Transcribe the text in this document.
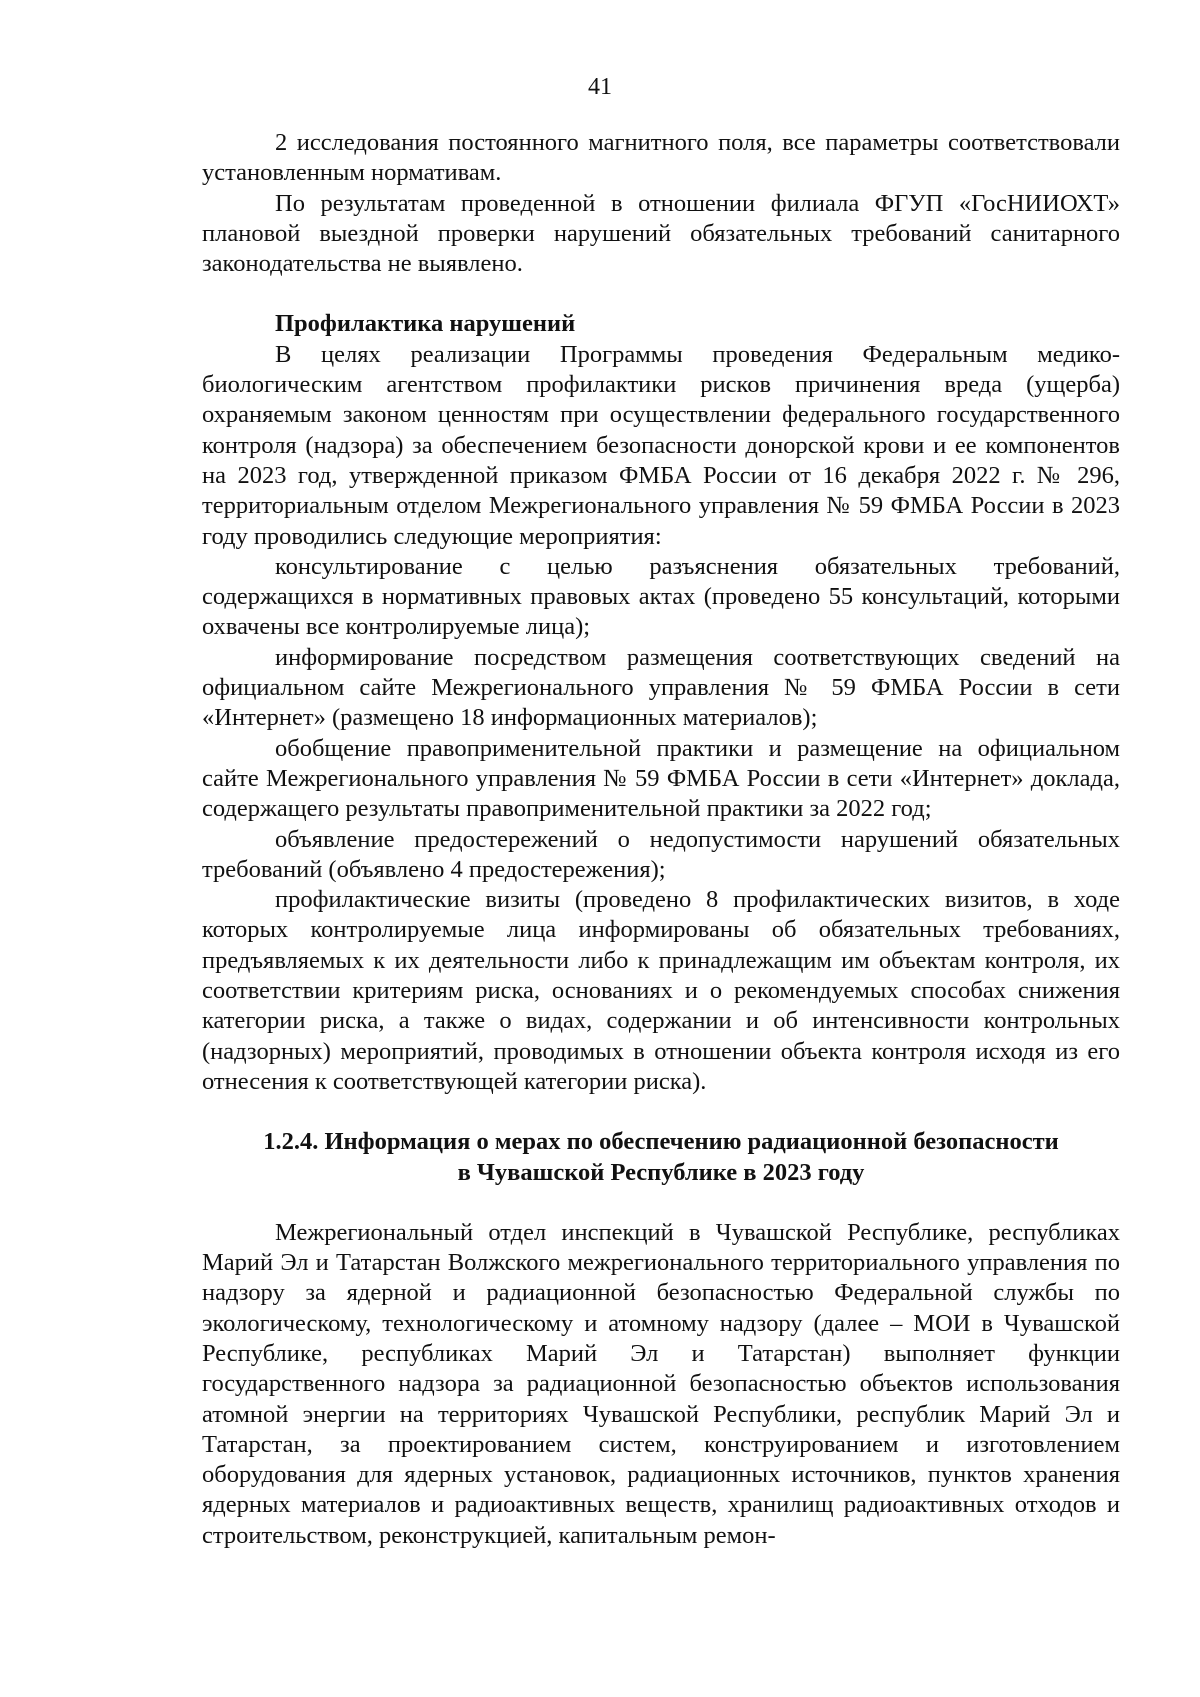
41

2 исследования постоянного магнитного поля, все параметры соответствовали установленным нормативам.

По результатам проведенной в отношении филиала ФГУП «ГосНИИОХТ» плановой выездной проверки нарушений обязательных требований санитарного законодательства не выявлено.

Профилактика нарушений

В целях реализации Программы проведения Федеральным медико-биологическим агентством профилактики рисков причинения вреда (ущерба) охраняемым законом ценностям при осуществлении федерального государственного контроля (надзора) за обеспечением безопасности донорской крови и ее компонентов на 2023 год, утвержденной приказом ФМБА России от 16 декабря 2022 г. № 296, территориальным отделом Межрегионального управления № 59 ФМБА России в 2023 году проводились следующие мероприятия:

консультирование с целью разъяснения обязательных требований, содержащихся в нормативных правовых актах (проведено 55 консультаций, которыми охвачены все контролируемые лица);

информирование посредством размещения соответствующих сведений на официальном сайте Межрегионального управления № 59 ФМБА России в сети «Интернет» (размещено 18 информационных материалов);

обобщение правоприменительной практики и размещение на официальном сайте Межрегионального управления № 59 ФМБА России в сети «Интернет» доклада, содержащего результаты правоприменительной практики за 2022 год;

объявление предостережений о недопустимости нарушений обязательных требований (объявлено 4 предостережения);

профилактические визиты (проведено 8 профилактических визитов, в ходе которых контролируемые лица информированы об обязательных требованиях, предъявляемых к их деятельности либо к принадлежащим им объектам контроля, их соответствии критериям риска, основаниях и о рекомендуемых способах снижения категории риска, а также о видах, содержании и об интенсивности контрольных (надзорных) мероприятий, проводимых в отношении объекта контроля исходя из его отнесения к соответствующей категории риска).

1.2.4. Информация о мерах по обеспечению радиационной безопасности
в Чувашской Республике в 2023 году

Межрегиональный отдел инспекций в Чувашской Республике, республиках Марий Эл и Татарстан Волжского межрегионального территориального управления по надзору за ядерной и радиационной безопасностью Федеральной службы по экологическому, технологическому и атомному надзору (далее – МОИ в Чувашской Республике, республиках Марий Эл и Татарстан) выполняет функции государственного надзора за радиационной безопасностью объектов использования атомной энергии на территориях Чувашской Республики, республик Марий Эл и Татарстан, за проектированием систем, конструированием и изготовлением оборудования для ядерных установок, радиационных источников, пунктов хранения ядерных материалов и радиоактивных веществ, хранилищ радиоактивных отходов и строительством, реконструкцией, капитальным ремон-
